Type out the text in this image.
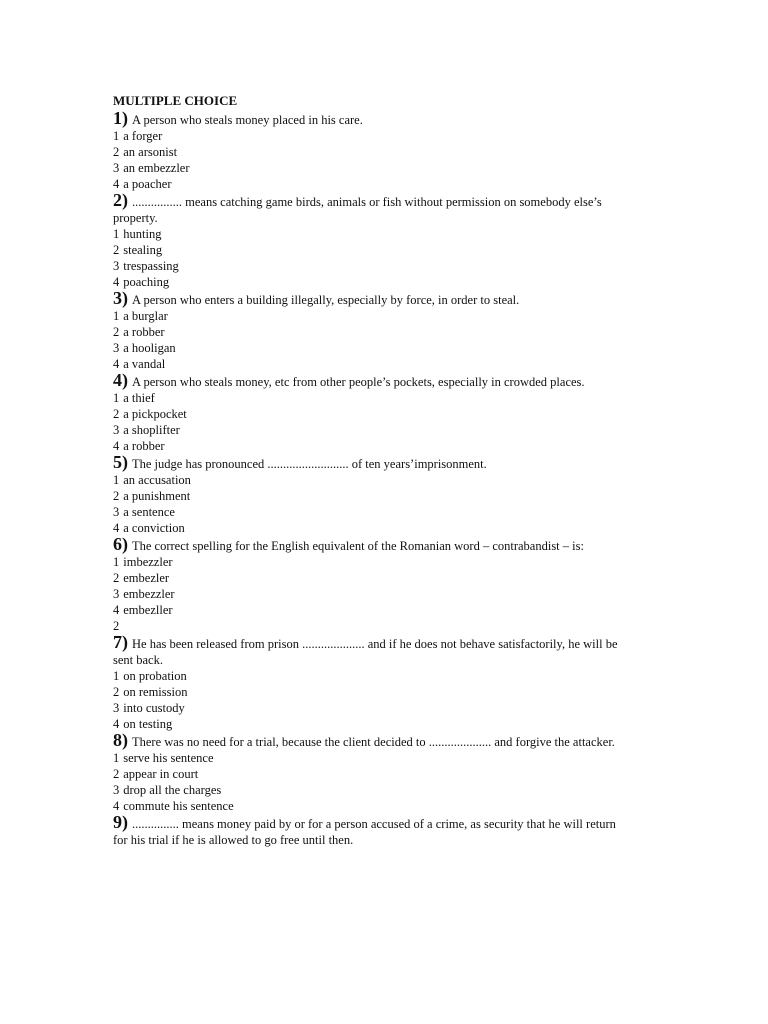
MULTIPLE CHOICE
1) A person who steals money placed in his care.
1 a forger
2 an arsonist
3 an embezzler
4 a poacher
2) ................ means catching game birds, animals or fish without permission on somebody else’s property.
1 hunting
2 stealing
3 trespassing
4 poaching
3) A person who enters a building illegally, especially by force, in order to steal.
1 a burglar
2 a robber
3 a hooligan
4 a vandal
4) A person who steals money, etc from other people’s pockets, especially in crowded places.
1 a thief
2 a pickpocket
3 a shoplifter
4 a robber
5) The judge has pronounced .......................... of ten years’imprisonment.
1 an accusation
2 a punishment
3 a sentence
4 a conviction
6) The correct spelling for the English equivalent of the Romanian word – contrabandist – is:
1 imbezzler
2 embezler
3 embezzler
4 embezller
2
7) He has been released from prison .................... and if he does not behave satisfactorily, he will be sent back.
1 on probation
2 on remission
3 into custody
4 on testing
8) There was no need for a trial, because the client decided to .................... and forgive the attacker.
1 serve his sentence
2 appear in court
3 drop all the charges
4 commute his sentence
9) ............... means money paid by or for a person accused of a crime, as security that he will return for his trial if he is allowed to go free until then.
